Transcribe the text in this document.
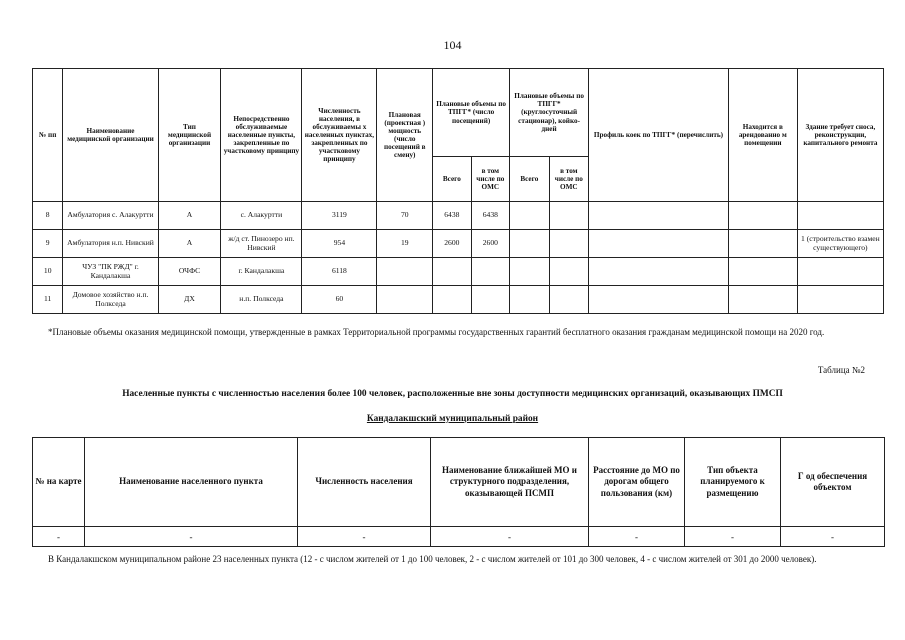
104
№ пп	Наименование медицинской организации	Тип медицинской организации	Непосредственно обслуживаемые населенные пункты, закрепленные по участковому принципу	Численность населения, в обслуживаемы х населенных пунктах, закрепленных по участковому принципу	Плановая (проектная ) мощность (число посещений в смену)	Плановые объемы по ТПГГ* (число посещений)		Плановые объемы по ТПГГ* (круглосуточный стационар), койко-дней		Профиль коек по ТПГГ* (перечислить)	Находится в арендованно м помещении	Здание требует сноса, реконструкции, капитального ремонта
						Всего	в том числе по ОМС	Всего	в том числе по ОМС			
8	Амбулатория с. Алакуртти	А	с. Алакуртти	3119	70	6438	6438					
9	Амбулатория н.п. Нивский	А	ж/д ст. Пинозеро нп. Нивский	954	19	2600	2600					1 (строительство взамен существующего)
10	ЧУЗ "ПК РЖД" г. Кандалакша	ОЧФС	г. Кандалакша	6118								
11	Домовое хозяйство н.п. Полкседа	ДХ	н.п. Полкседа	60								
*Плановые объемы оказания медицинской помощи, утвержденные в рамках Территориальной программы государственных гарантий бесплатного оказания гражданам медицинской помощи на 2020 год.
Таблица №2
Населенные пункты с численностью населения более 100 человек, расположенные вне зоны доступности медицинских организаций, оказывающих ПМСП
Кандалакшский муниципальный район
№ на карте	Наименование населенного пункта	Численность населения	Наименование ближайшей МО и структурного подразделения, оказывающей ПСМП	Расстояние до МО по дорогам общего пользования (км)	Тип объекта планируемого к размещению	Г од обеспечения объектом
-	-	-	-	-	-	-
В Кандалакшском муниципальном районе 23 населенных пункта (12 - с числом жителей от 1 до 100 человек, 2 - с числом жителей от 101 до 300 человек, 4 - с числом жителей от 301 до 2000 человек).
